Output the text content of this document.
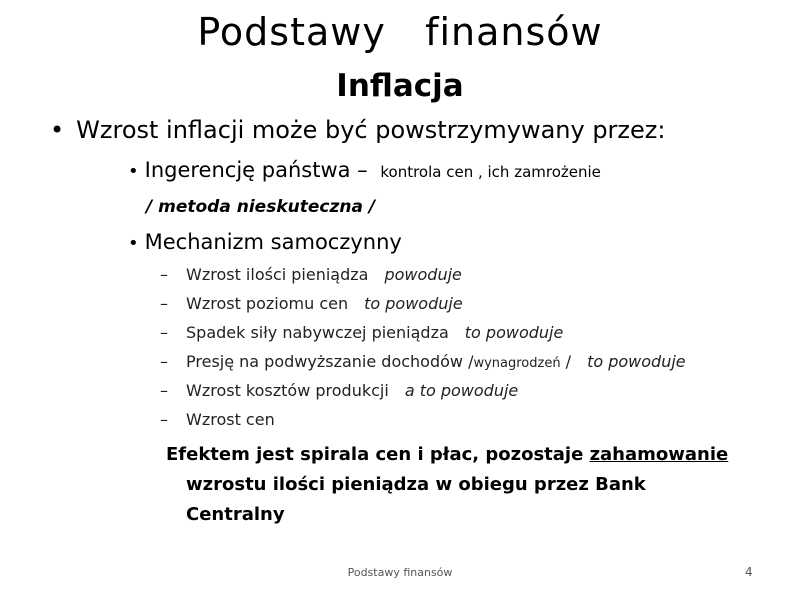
Podstawy   finansów
Inflacja
• Wzrost inflacji może być powstrzymywany przez:
• Ingerencję państwa – kontrola cen , ich zamrożenie
/ metoda nieskuteczna /
• Mechanizm samoczynny
– Wzrost ilości pieniądza powoduje
– Wzrost poziomu cen to powoduje
– Spadek siły nabywczej pieniądza to powoduje
– Presję na podwyższanie dochodów /wynagrodzeń / to powoduje
– Wzrost kosztów produkcji a to powoduje
– Wzrost cen
Efektem jest spirala cen i płac, pozostaje zahamowanie
wzrostu ilości pieniądza w obiegu przez Bank
Centralny
Podstawy finansów	4
